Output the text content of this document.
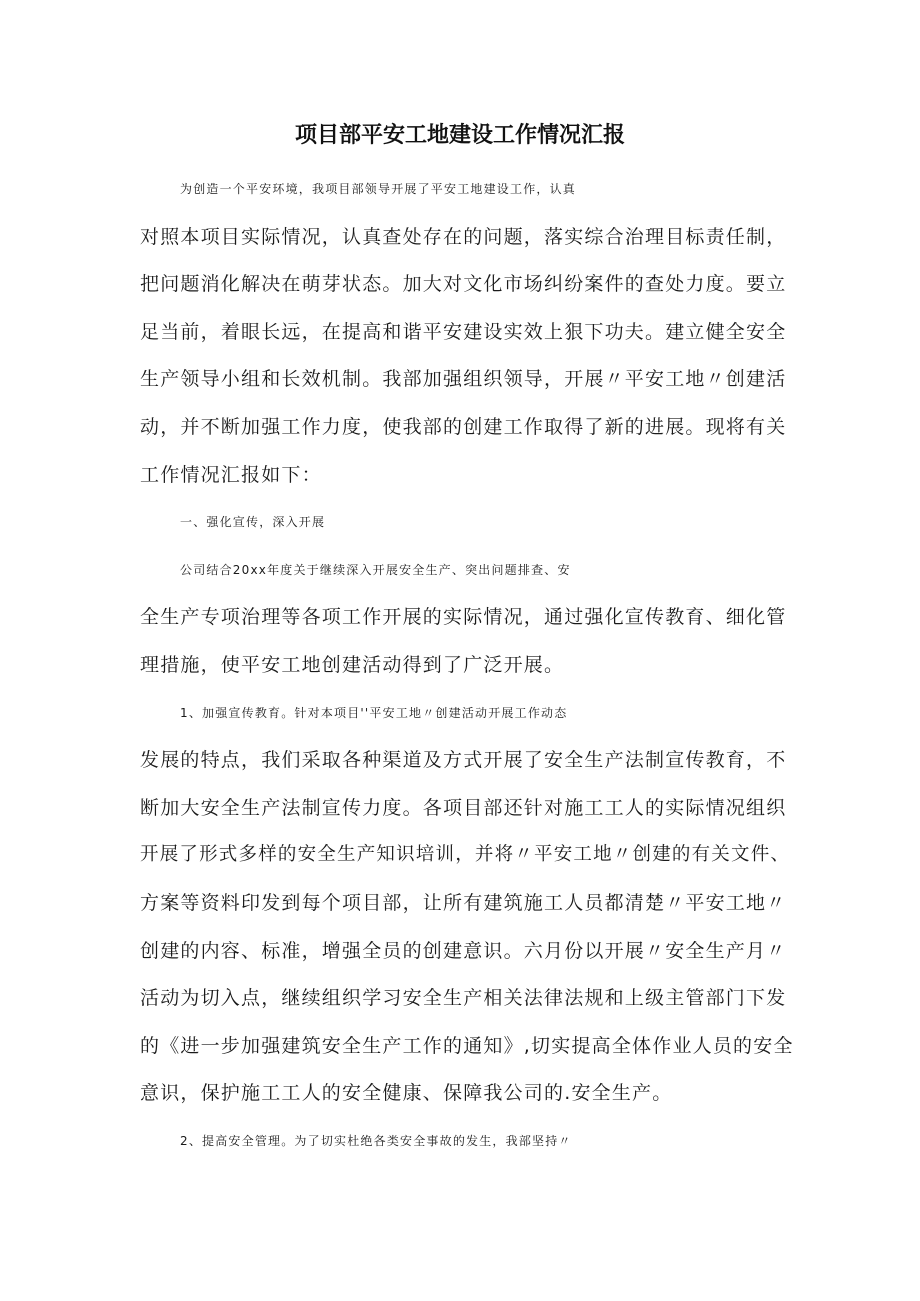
项目部平安工地建设工作情况汇报
为创造一个平安环境，我项目部领导开展了平安工地建设工作，认真
对照本项目实际情况，认真查处存在的问题，落实综合治理目标责任制，
把问题消化解决在萌芽状态。加大对文化市场纠纷案件的查处力度。要立
足当前，着眼长远，在提高和谐平安建设实效上狠下功夫。建立健全安全
生产领导小组和长效机制。我部加强组织领导，开展〃平安工地〃创建活
动，并不断加强工作力度，使我部的创建工作取得了新的进展。现将有关
工作情况汇报如下：
一、强化宣传，深入开展
公司结合20xx年度关于继续深入开展安全生产、突出问题排查、安
全生产专项治理等各项工作开展的实际情况，通过强化宣传教育、细化管
理措施，使平安工地创建活动得到了广泛开展。
1、加强宣传教育。针对本项目''平安工地〃创建活动开展工作动态
发展的特点，我们采取各种渠道及方式开展了安全生产法制宣传教育，不
断加大安全生产法制宣传力度。各项目部还针对施工工人的实际情况组织
开展了形式多样的安全生产知识培训，并将〃平安工地〃创建的有关文件、
方案等资料印发到每个项目部，让所有建筑施工人员都清楚〃平安工地〃
创建的内容、标准，增强全员的创建意识。六月份以开展〃安全生产月〃
活动为切入点，继续组织学习安全生产相关法律法规和上级主管部门下发
的《进一步加强建筑安全生产工作的通知》,切实提高全体作业人员的安全
意识，保护施工工人的安全健康、保障我公司的.安全生产。
2、提高安全管理。为了切实杜绝各类安全事故的发生，我部坚持〃
